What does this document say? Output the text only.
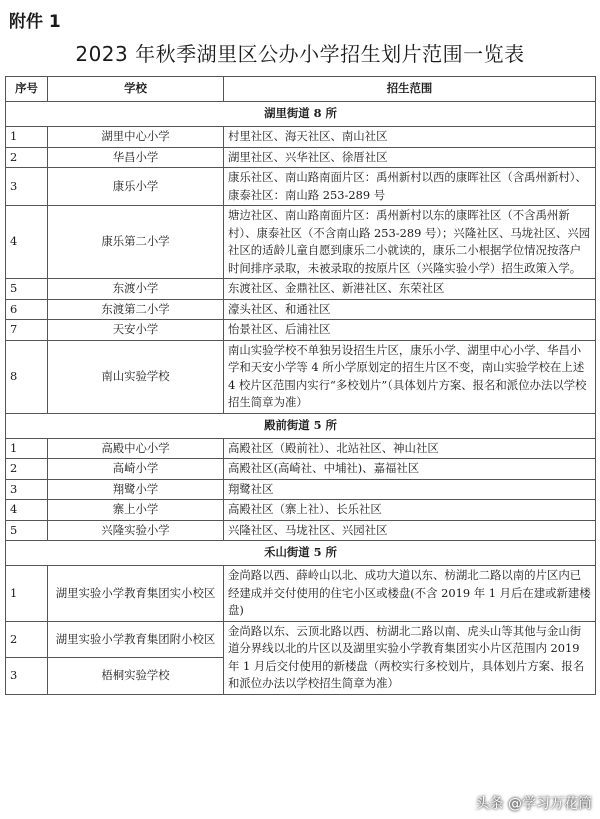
附件 1
2023 年秋季湖里区公办小学招生划片范围一览表
序号	学校	招生范围
湖里街道 8 所		
1	湖里中心小学	村里社区、海天社区、南山社区
2	华昌小学	湖里社区、兴华社区、徐厝社区
3	康乐小学	康乐社区、南山路南面片区：禹州新村以西的康晖社区（含禹州新村）、康泰社区：南山路 253-289 号
4	康乐第二小学	塘边社区、南山路南面片区：禹州新村以东的康晖社区（不含禹州新村）、康泰社区（不含南山路 253-289 号）；兴隆社区、马垅社区、兴园社区的适龄儿童自愿到康乐二小就读的，康乐二小根据学位情况按落户时间排序录取，未被录取的按原片区（兴隆实验小学）招生政策入学。
5	东渡小学	东渡社区、金鼎社区、新港社区、东荣社区
6	东渡第二小学	濠头社区、和通社区
7	天安小学	怡景社区、后浦社区
8	南山实验学校	南山实验学校不单独另设招生片区，康乐小学、湖里中心小学、华昌小学和天安小学等 4 所小学原划定的招生片区不变，南山实验学校在上述 4 校片区范围内实行“多校划片”（具体划片方案、报名和派位办法以学校招生简章为准）
殿前街道 5 所		
1	高殿中心小学	高殿社区（殿前社）、北站社区、神山社区
2	高崎小学	高殿社区(高崎社、中埔社)、嘉福社区
3	翔鹭小学	翔鹭社区
4	寨上小学	高殿社区（寨上社）、长乐社区
5	兴隆实验小学	兴隆社区、马垅社区、兴园社区
禾山街道 5 所		
1	湖里实验小学教育集团实小校区	金尚路以西、薛岭山以北、成功大道以东、枋湖北二路以南的片区内已经建成并交付使用的住宅小区或楼盘(不含 2019 年 1 月后在建或新建楼盘)
2	湖里实验小学教育集团附小校区	金尚路以东、云顶北路以西、枋湖北二路以南、虎头山等其他与金山街道分界线以北的片区以及湖里实验小学教育集团实小片区范围内 2019 年 1 月后交付使用的新楼盘（两校实行多校划片，具体划片方案、报名和派位办法以学校招生简章为准）
3	梧桐实验学校	
头条 @学习万花筒
